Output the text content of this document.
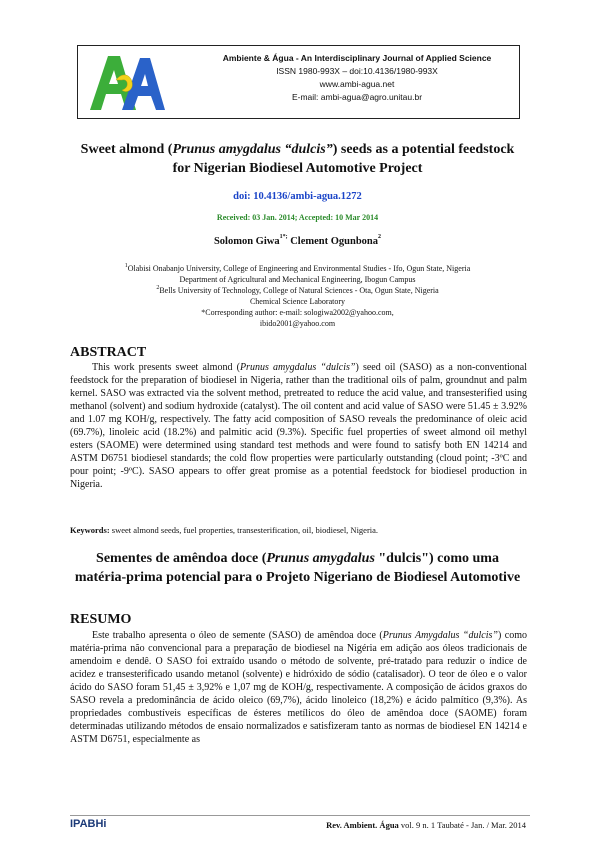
Ambiente & Água - An Interdisciplinary Journal of Applied Science
ISSN 1980-993X – doi:10.4136/1980-993X
www.ambi-agua.net
E-mail: ambi-agua@agro.unitau.br
Sweet almond (Prunus amygdalus “dulcis”) seeds as a potential feedstock for Nigerian Biodiesel Automotive Project
doi: 10.4136/ambi-agua.1272
Received: 03 Jan. 2014; Accepted: 10 Mar 2014
Solomon Giwa$^{1*;}$ Clement Ogunbona$^2$
$^1$Olabisi Onabanjo University, College of Engineering and Environmental Studies - Ifo, Ogun State, Nigeria
Department of Agricultural and Mechanical Engineering, Ibogun Campus
$^2$Bells University of Technology, College of Natural Sciences - Ota, Ogun State, Nigeria
Chemical Science Laboratory
*Corresponding author: e-mail: sologiwa2002@yahoo.com,
ibido2001@yahoo.com
ABSTRACT
This work presents sweet almond (Prunus amygdalus “dulcis”) seed oil (SASO) as a non-conventional feedstock for the preparation of biodiesel in Nigeria, rather than the traditional oils of palm, groundnut and palm kernel. SASO was extracted via the solvent method, pretreated to reduce the acid value, and transesterified using methanol (solvent) and sodium hydroxide (catalyst). The oil content and acid value of SASO were 51.45 ± 3.92% and 1.07 mg KOH/g, respectively. The fatty acid composition of SASO reveals the predominance of oleic acid (69.7%), linoleic acid (18.2%) and palmitic acid (9.3%). Specific fuel properties of sweet almond oil methyl esters (SAOME) were determined using standard test methods and were found to satisfy both EN 14214 and ASTM D6751 biodiesel standards; the cold flow properties were particularly outstanding (cloud point; -3ºC and pour point; -9ºC). SASO appears to offer great promise as a potential feedstock for biodiesel production in Nigeria.
Keywords: sweet almond seeds, fuel properties, transesterification, oil, biodiesel, Nigeria.
Sementes de amêndoa doce (Prunus amygdalus "dulcis") como uma matéria-prima potencial para o Projeto Nigeriano de Biodiesel Automotive
RESUMO
Este trabalho apresenta o óleo de semente (SASO) de amêndoa doce (Prunus Amygdalus “dulcis”) como matéria-prima não convencional para a preparação de biodiesel na Nigéria em adição aos óleos tradicionais de amendoim e dendê. O SASO foi extraído usando o método de solvente, pré-tratado para reduzir o índice de acidez e transesterificado usando metanol (solvente) e hidróxido de sódio (catalisador). O teor de óleo e o valor ácido do SASO foram 51,45 ± 3,92% e 1,07 mg de KOH/g, respectivamente. A composição de ácidos graxos do SASO revela a predominância de ácido oleico (69,7%), ácido linoleico (18,2%) e ácido palmítico (9,3%). As propriedades combustíveis específicas de ésteres metílicos do óleo de amêndoa doce (SAOME) foram determinadas utilizando métodos de ensaio normalizados e satisfizeram tanto as normas de biodiesel EN 14214 e ASTM D6751, especialmente as
IPABHi	Rev. Ambient. Água vol. 9 n. 1 Taubaté - Jan. / Mar. 2014
